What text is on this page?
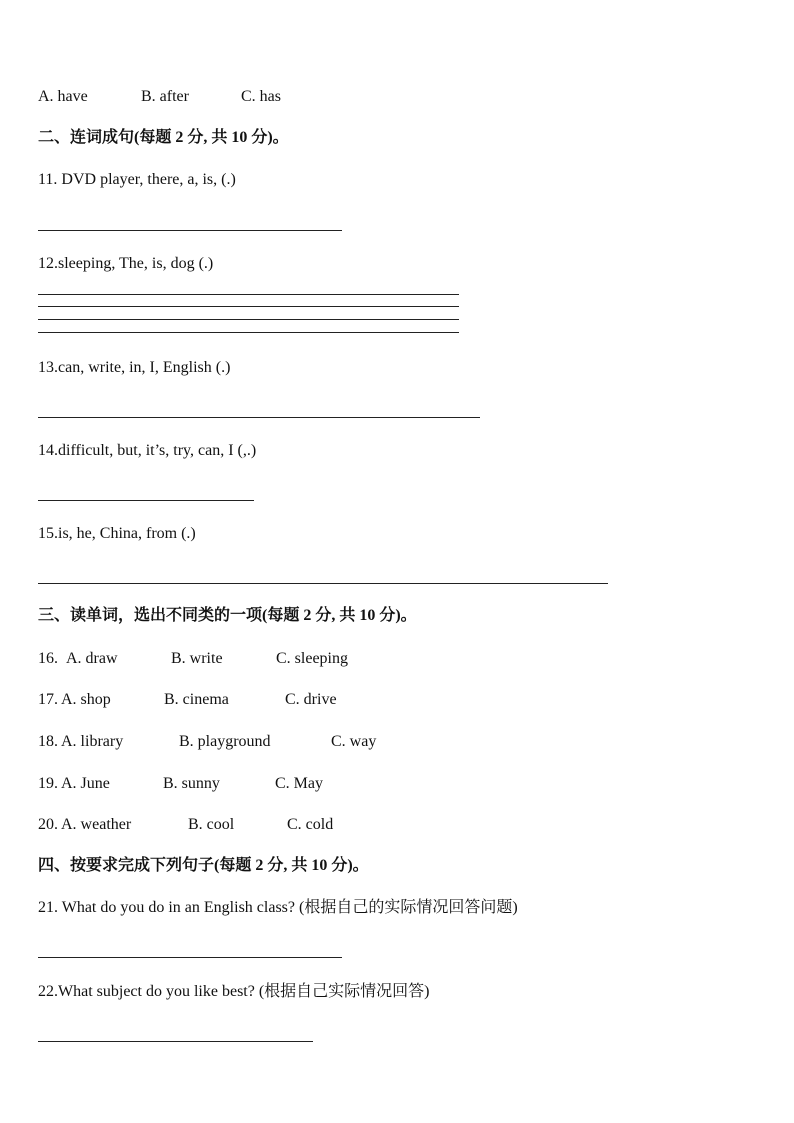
A. have	B. after	C. has
二、连词成句(每题 2 分, 共 10 分)。
11. DVD player, there, a, is, (.)
12.sleeping, The, is, dog (.)
13.can, write, in, I, English (.)
14.difficult, but, it’s, try, can, I (,.)
15.is, he, China, from (.)
三、读单词，选出不同类的一项(每题 2 分, 共 10 分)。
16. A. draw	B. write	C. sleeping
17. A. shop	B. cinema	C. drive
18. A. library	B. playground	C. way
19. A. June	B. sunny	C. May
20. A. weather	B. cool	C. cold
四、按要求完成下列句子(每题 2 分, 共 10 分)。
21. What do you do in an English class? (根据自己的实际情况回答问题)
22.What subject do you like best? (根据自己实际情况回答)
